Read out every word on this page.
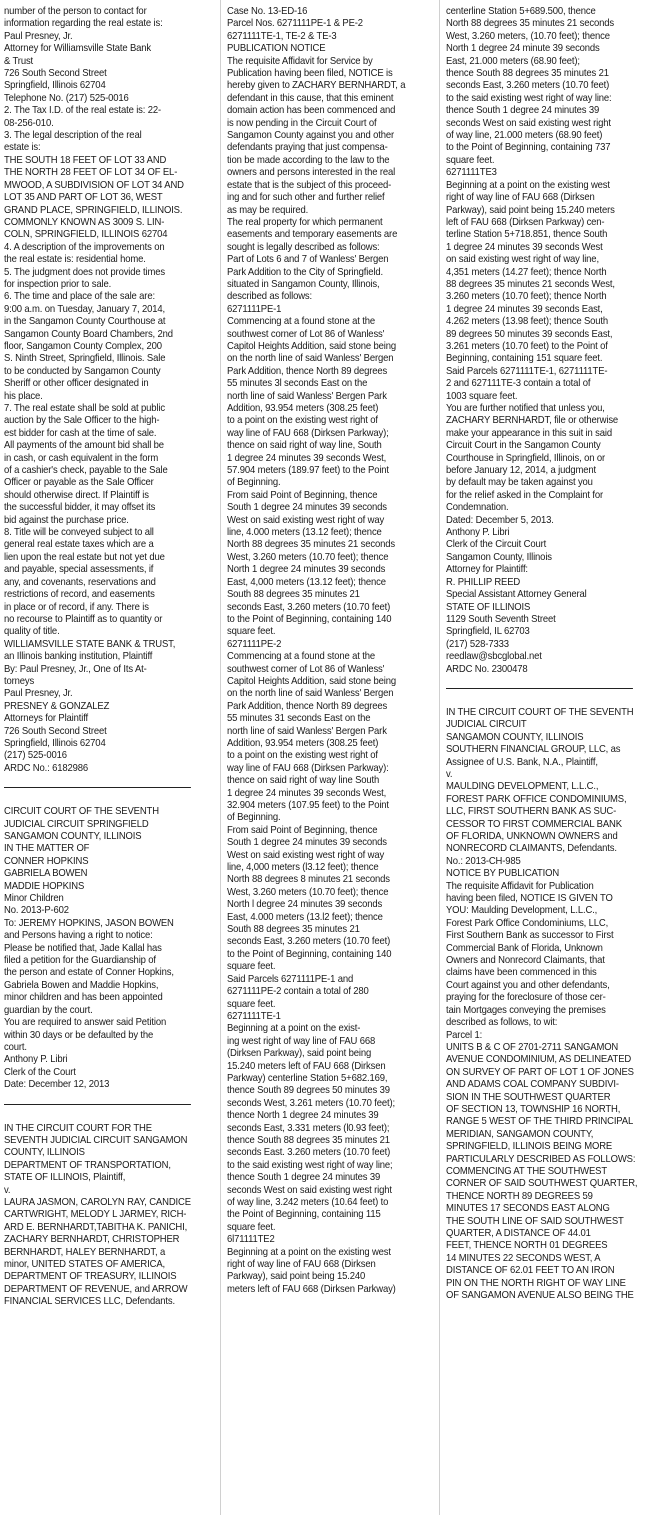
number of the person to contact for
information regarding the real estate is:
Paul Presney, Jr.
Attorney for Williamsville State Bank
& Trust
726 South Second Street
Springfield, Illinois 62704
Telephone No. (217) 525-0016
2. The Tax I.D. of the real estate is: 22-
08-256-010.
3. The legal description of the real
estate is:
THE SOUTH 18 FEET OF LOT 33 AND
THE NORTH 28 FEET OF LOT 34 OF EL-
MWOOD, A SUBDIVISION OF LOT 34 AND
LOT 35 AND PART OF LOT 36, WEST
GRAND PLACE, SPRINGFIELD, ILLINOIS.
COMMONLY KNOWN AS 3009 S. LIN-
COLN, SPRINGFIELD, ILLINOIS 62704
4. A description of the improvements on
the real estate is: residential home.
5. The judgment does not provide times
for inspection prior to sale.
6. The time and place of the sale are:
9:00 a.m. on Tuesday, January 7, 2014,
in the Sangamon County Courthouse at
Sangamon County Board Chambers, 2nd
floor, Sangamon County Complex, 200
S. Ninth Street, Springfield, Illinois. Sale
to be conducted by Sangamon County
Sheriff or other officer designated in
his place.
7. The real estate shall be sold at public
auction by the Sale Officer to the high-
est bidder for cash at the time of sale.
All payments of the amount bid shall be
in cash, or cash equivalent in the form
of a cashier's check, payable to the Sale
Officer or payable as the Sale Officer
should otherwise direct. If Plaintiff is
the successful bidder, it may offset its
bid against the purchase price.
8. Title will be conveyed subject to all
general real estate taxes which are a
lien upon the real estate but not yet due
and payable, special assessments, if
any, and covenants, reservations and
restrictions of record, and easements
in place or of record, if any. There is
no recourse to Plaintiff as to quantity or
quality of title.
WILLIAMSVILLE STATE BANK & TRUST,
an Illinois banking institution, Plaintiff
By: Paul Presney, Jr., One of Its At-
torneys
Paul Presney, Jr.
PRESNEY & GONZALEZ
Attorneys for Plaintiff
726 South Second Street
Springfield, Illinois 62704
(217) 525-0016
ARDC No.: 6182986

CIRCUIT COURT OF THE SEVENTH
JUDICIAL CIRCUIT SPRINGFIELD
SANGAMON COUNTY, ILLINOIS
IN THE MATTER OF
CONNER HOPKINS
GABRIELA BOWEN
MADDIE HOPKINS
Minor Children
No. 2013-P-602
To: JEREMY HOPKINS, JASON BOWEN
and Persons having a right to notice:
Please be notified that, Jade Kallal has
filed a petition for the Guardianship of
the person and estate of Conner Hopkins,
Gabriela Bowen and Maddie Hopkins,
minor children and has been appointed
guardian by the court.
You are required to answer said Petition
within 30 days or be defaulted by the
court.
Anthony P. Libri
Clerk of the Court
Date: December 12, 2013

IN THE CIRCUIT COURT FOR THE
SEVENTH JUDICIAL CIRCUIT SANGAMON
COUNTY, ILLINOIS
DEPARTMENT OF TRANSPORTATION,
STATE OF ILLINOIS, Plaintiff,
v.
LAURA JASMON, CAROLYN RAY, CANDICE
CARTWRIGHT, MELODY L JARMEY, RICH-
ARD E. BERNHARDT,TABITHA K. PANICHI,
ZACHARY BERNHARDT, CHRISTOPHER
BERNHARDT, HALEY BERNHARDT, a
minor, UNITED STATES OF AMERICA,
DEPARTMENT OF TREASURY, ILLINOIS
DEPARTMENT OF REVENUE, and ARROW
FINANCIAL SERVICES LLC, Defendants.

Case No. 13-ED-16
Parcel Nos. 6271111PE-1 & PE-2
6271111TE-1, TE-2 & TE-3
PUBLICATION NOTICE
The requisite Affidavit for Service by
Publication having been filed, NOTICE is
hereby given to ZACHARY BERNHARDT, a
defendant in this cause, that this eminent
domain action has been commenced and
is now pending in the Circuit Court of
Sangamon County against you and other
defendants praying that just compensa-
tion be made according to the law to the
owners and persons interested in the real
estate that is the subject of this proceed-
ing and for such other and further relief
as may be required.
The real property for which permanent
easements and temporary easements are
sought is legally described as follows:
Part of Lots 6 and 7 of Wanless' Bergen
Park Addition to the City of Springfield.
situated in Sangamon County, Illinois,
described as follows:
6271111PE-1
Commencing at a found stone at the
southwest corner of Lot 86 of Wanless'
Capitol Heights Addition, said stone being
on the north line of said Wanless' Bergen
Park Addition, thence North 89 degrees
55 minutes 3l seconds East on the
north line of said Wanless' Bergen Park
Addition, 93.954 meters (308.25 feet)
to a point on the existing west right of
way line of FAU 668 (Dirksen Parkway);
thence on said right of way line, South
1 degree 24 minutes 39 seconds West,
57.904 meters (189.97 feet) to the Point
of Beginning.
From said Point of Beginning, thence
South 1 degree 24 minutes 39 seconds
West on said existing west right of way
line, 4.000 meters (13.12 feet); thence
North 88 degrees 35 minutes 21 seconds
West, 3.260 meters (10.70 feet); thence
North 1 degree 24 minutes 39 seconds
East, 4,000 meters (13.12 feet); thence
South 88 degrees 35 minutes 21
seconds East, 3.260 meters (10.70 feet)
to the Point of Beginning, containing 140
square feet.
6271111PE-2
Commencing at a found stone at the
southwest corner of Lot 86 of Wanless'
Capitol Heights Addition, said stone being
on the north line of said Wanless' Bergen
Park Addition, thence North 89 degrees
55 minutes 31 seconds East on the
north line of said Wanless' Bergen Park
Addition, 93.954 meters (308.25 feet)
to a point on the existing west right of
way line of FAU 668 (Dirksen Parkway):
thence on said right of way line South
1 degree 24 minutes 39 seconds West,
32.904 meters (107.95 feet) to the Point
of Beginning.
From said Point of Beginning, thence
South 1 degree 24 minutes 39 seconds
West on said existing west right of way
line, 4,000 meters (l3.12 feet); thence
North 88 degrees 8 minutes 21 seconds
West, 3.260 meters (10.70 feet); thence
North l degree 24 minutes 39 seconds
East, 4.000 meters (13.l2 feet); thence
South 88 degrees 35 minutes 21
seconds East, 3.260 meters (10.70 feet)
to the Point of Beginning, containing 140
square feet.
Said Parcels 6271111PE-1 and
6271111PE-2 contain a total of 280
square feet.
6271111TE-1
Beginning at a point on the exist-
ing west right of way line of FAU 668
(Dirksen Parkway), said point being
15.240 meters left of FAU 668 (Dirksen
Parkway) centerline Station 5+682.169,
thence South 89 degrees 50 minutes 39
seconds West, 3.261 meters (10.70 feet);
thence North 1 degree 24 minutes 39
seconds East, 3.331 meters (l0.93 feet);
thence South 88 degrees 35 minutes 21
seconds East. 3.260 meters (10.70 feet)
to the said existing west right of way line;
thence South 1 degree 24 minutes 39
seconds West on said existing west right
of way line, 3.242 meters (10.64 feet) to
the Point of Beginning, containing 115
square feet.
6l71111TE2
Beginning at a point on the existing west
right of way line of FAU 668 (Dirksen
Parkway), said point being 15.240
meters left of FAU 668 (Dirksen Parkway)

centerline Station 5+689.500, thence
North 88 degrees 35 minutes 21 seconds
West, 3.260 meters, (10.70 feet); thence
North 1 degree 24 minute 39 seconds
East, 21.000 meters (68.90 feet);
thence South 88 degrees 35 minutes 21
seconds East, 3.260 meters (10.70 feet)
to the said existing west right of way line:
thence South 1 degree 24 minutes 39
seconds West on said existing west right
of way line, 21.000 meters (68.90 feet)
to the Point of Beginning, containing 737
square feet.
6271111TE3
Beginning at a point on the existing west
right of way line of FAU 668 (Dirksen
Parkway), said point being 15.240 meters
left of FAU 668 (Dirksen Parkway) cen-
terline Station 5+718.851, thence South
1 degree 24 minutes 39 seconds West
on said existing west right of way line,
4,351 meters (14.27 feet); thence North
88 degrees 35 minutes 21 seconds West,
3.260 meters (10.70 feet); thence North
1 degree 24 minutes 39 seconds East,
4.262 meters (13.98 feet); thence South
89 degrees 50 minutes 39 seconds East,
3.261 meters (10.70 feet) to the Point of
Beginning, containing 151 square feet.
Said Parcels 6271111TE-1, 6271111TE-
2 and 627111TE-3 contain a total of
1003 square feet.
You are further notified that unless you,
ZACHARY BERNHARDT, file or otherwise
make your appearance in this suit in said
Circuit Court in the Sangamon County
Courthouse in Springfield, Illinois, on or
before January 12, 2014, a judgment
by default may be taken against you
for the relief asked in the Complaint for
Condemnation.
Dated: December 5, 2013.
Anthony P. Libri
Clerk of the Circuit Court
Sangamon County, Illinois
Attorney for Plaintiff:
R. PHILLIP REED
Special Assistant Attorney General
STATE OF ILLINOIS
1129 South Seventh Street
Springfield, IL 62703
(217) 528-7333
reedlaw@sbcglobal.net
ARDC No. 2300478

IN THE CIRCUIT COURT OF THE SEVENTH
JUDICIAL CIRCUIT
SANGAMON COUNTY, ILLINOIS
SOUTHERN FINANCIAL GROUP, LLC, as
Assignee of U.S. Bank, N.A., Plaintiff,
v.
MAULDING DEVELOPMENT, L.L.C.,
FOREST PARK OFFICE CONDOMINIUMS,
LLC, FIRST SOUTHERN BANK AS SUC-
CESSOR TO FIRST COMMERCIAL BANK
OF FLORIDA, UNKNOWN OWNERS and
NONRECORD CLAIMANTS, Defendants.
No.: 2013-CH-985
NOTICE BY PUBLICATION
The requisite Affidavit for Publication
having been filed, NOTICE IS GIVEN TO
YOU: Maulding Development, L.L.C.,
Forest Park Office Condominiums, LLC,
First Southern Bank as successor to First
Commercial Bank of Florida, Unknown
Owners and Nonrecord Claimants, that
claims have been commenced in this
Court against you and other defendants,
praying for the foreclosure of those cer-
tain Mortgages conveying the premises
described as follows, to wit:
Parcel 1:
UNITS B & C OF 2701-2711 SANGAMON
AVENUE CONDOMINIUM, AS DELINEATED
ON SURVEY OF PART OF LOT 1 OF JONES
AND ADAMS COAL COMPANY SUBDIVI-
SION IN THE SOUTHWEST QUARTER
OF SECTION 13, TOWNSHIP 16 NORTH,
RANGE 5 WEST OF THE THIRD PRINCIPAL
MERIDIAN, SANGAMON COUNTY,
SPRINGFIELD, ILLINOIS BEING MORE
PARTICULARLY DESCRIBED AS FOLLOWS:
COMMENCING AT THE SOUTHWEST
CORNER OF SAID SOUTHWEST QUARTER,
THENCE NORTH 89 DEGREES 59
MINUTES 17 SECONDS EAST ALONG
THE SOUTH LINE OF SAID SOUTHWEST
QUARTER, A DISTANCE OF 44.01
FEET, THENCE NORTH 01 DEGREES
14 MINUTES 22 SECONDS WEST, A
DISTANCE OF 62.01 FEET TO AN IRON
PIN ON THE NORTH RIGHT OF WAY LINE
OF SANGAMON AVENUE ALSO BEING THE
